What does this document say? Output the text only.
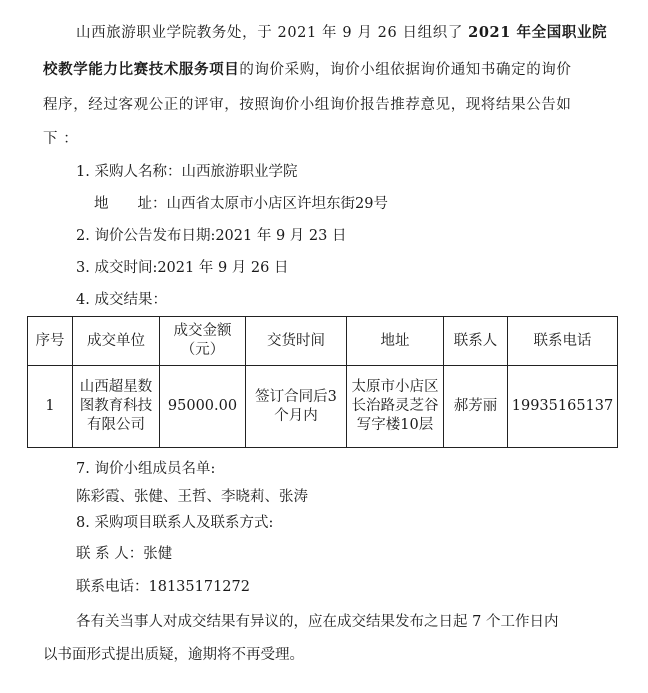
山西旅游职业学院教务处，于 2021 年 9 月 26 日组织了 2021 年全国职业院
校教学能力比赛技术服务项目的询价采购，询价小组依据询价通知书确定的询价
程序，经过客观公正的评审，按照询价小组询价报告推荐意见，现将结果公告如
下 ：
1. 采购人名称：山西旅游职业学院
地　　址：山西省太原市小店区许坦东街29号
2. 询价公告发布日期:2021 年 9 月 23 日
3. 成交时间:2021 年 9 月 26 日
4. 成交结果：
序号	成交单位	成交金额（元）	交货时间	地址	联系人	联系电话
1	山西超星数图教育科技有限公司	95000.00	签订合同后3个月内	太原市小店区长治路灵芝谷写字楼10层	郝芳丽	19935165137
7. 询价小组成员名单:
陈彩霞、张健、王哲、李晓莉、张涛
8. 采购项目联系人及联系方式:
联 系 人：张健
联系电话：18135171272
各有关当事人对成交结果有异议的，应在成交结果发布之日起 7 个工作日内
以书面形式提出质疑，逾期将不再受理。
